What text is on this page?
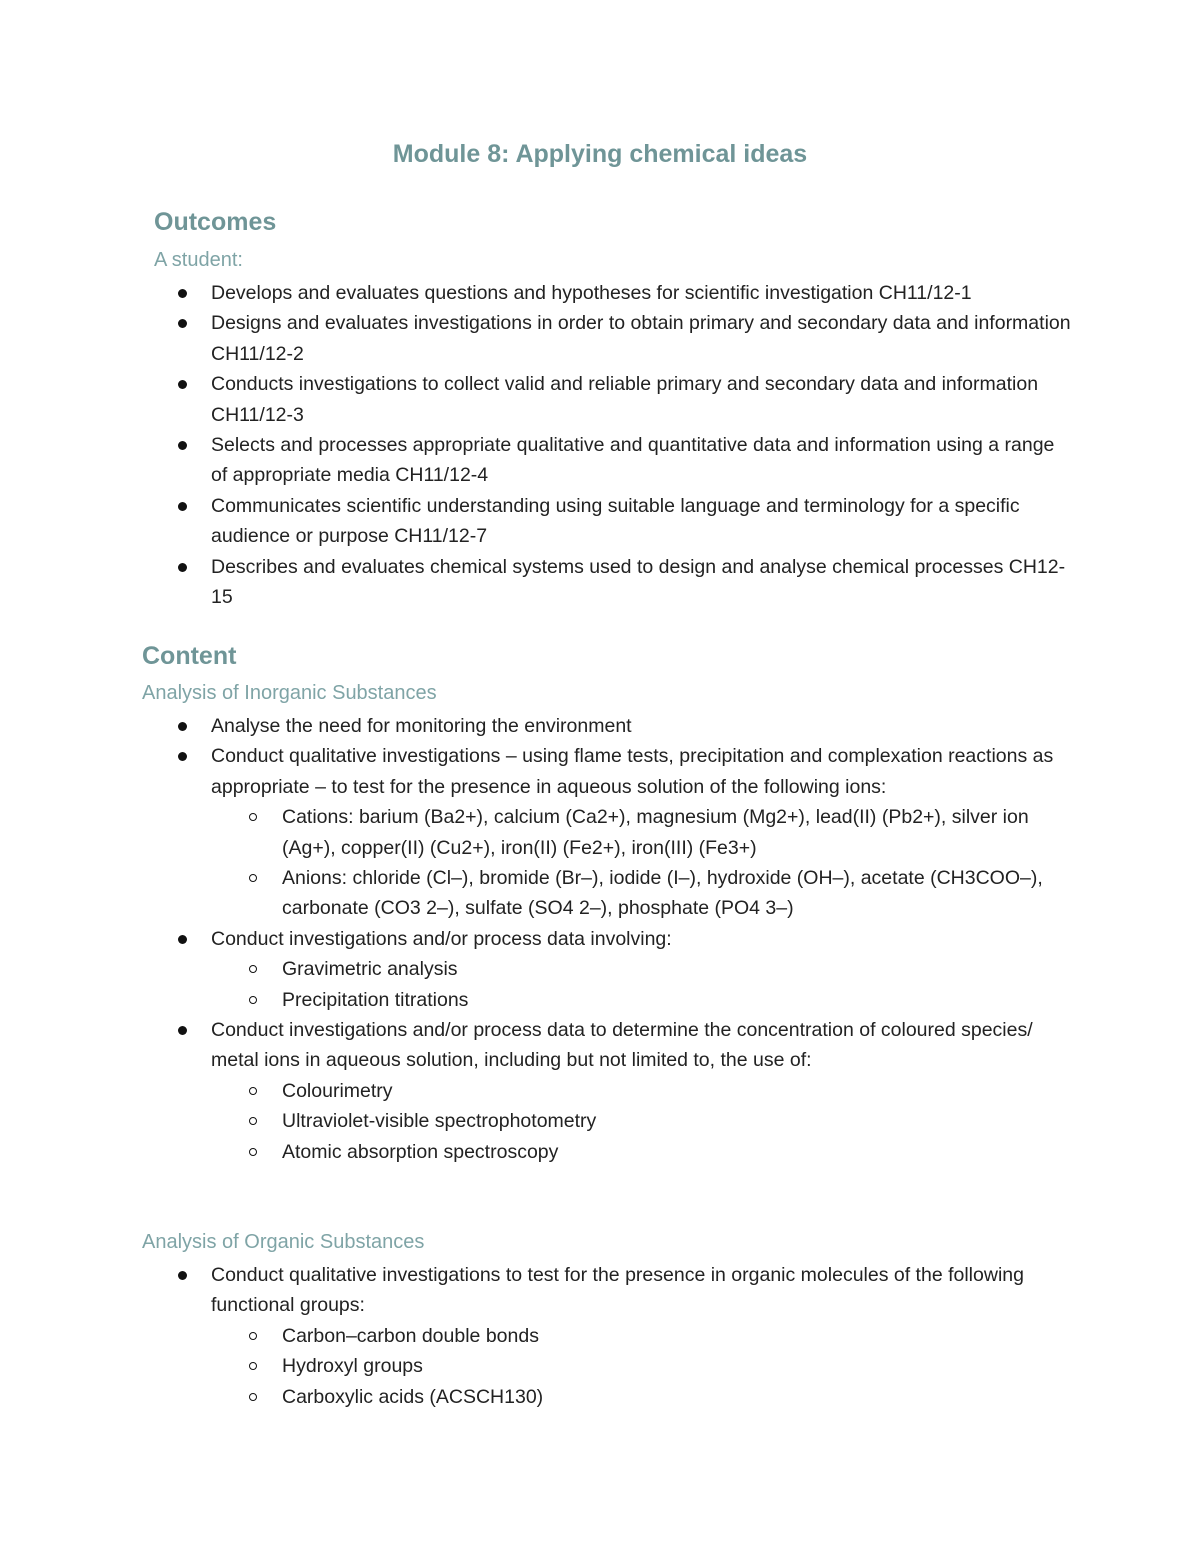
Module 8: Applying chemical ideas
Outcomes

A student:

Develops and evaluates questions and hypotheses for scientific investigation CH11/12-1
Designs and evaluates investigations in order to obtain primary and secondary data and information CH11/12-2
Conducts investigations to collect valid and reliable primary and secondary data and information CH11/12-3
Selects and processes appropriate qualitative and quantitative data and information using a range of appropriate media CH11/12-4
Communicates scientific understanding using suitable language and terminology for a specific audience or purpose CH11/12-7
Describes and evaluates chemical systems used to design and analyse chemical processes CH12-15
Content

Analysis of Inorganic Substances

Analyse the need for monitoring the environment
Conduct qualitative investigations – using flame tests, precipitation and complexation reactions as appropriate – to test for the presence in aqueous solution of the following ions:
Cations: barium (Ba2+), calcium (Ca2+), magnesium (Mg2+), lead(II) (Pb2+), silver ion (Ag+), copper(II) (Cu2+), iron(II) (Fe2+), iron(III) (Fe3+)
Anions: chloride (Cl–), bromide (Br–), iodide (I–), hydroxide (OH–), acetate (CH3COO–), carbonate (CO3 2–), sulfate (SO4 2–), phosphate (PO4 3–)
Conduct investigations and/or process data involving:
Gravimetric analysis
Precipitation titrations
Conduct investigations and/or process data to determine the concentration of coloured species/ metal ions in aqueous solution, including but not limited to, the use of:
Colourimetry
Ultraviolet-visible spectrophotometry
Atomic absorption spectroscopy

Analysis of Organic Substances

Conduct qualitative investigations to test for the presence in organic molecules of the following functional groups:
Carbon–carbon double bonds
Hydroxyl groups
Carboxylic acids (ACSCH130)
